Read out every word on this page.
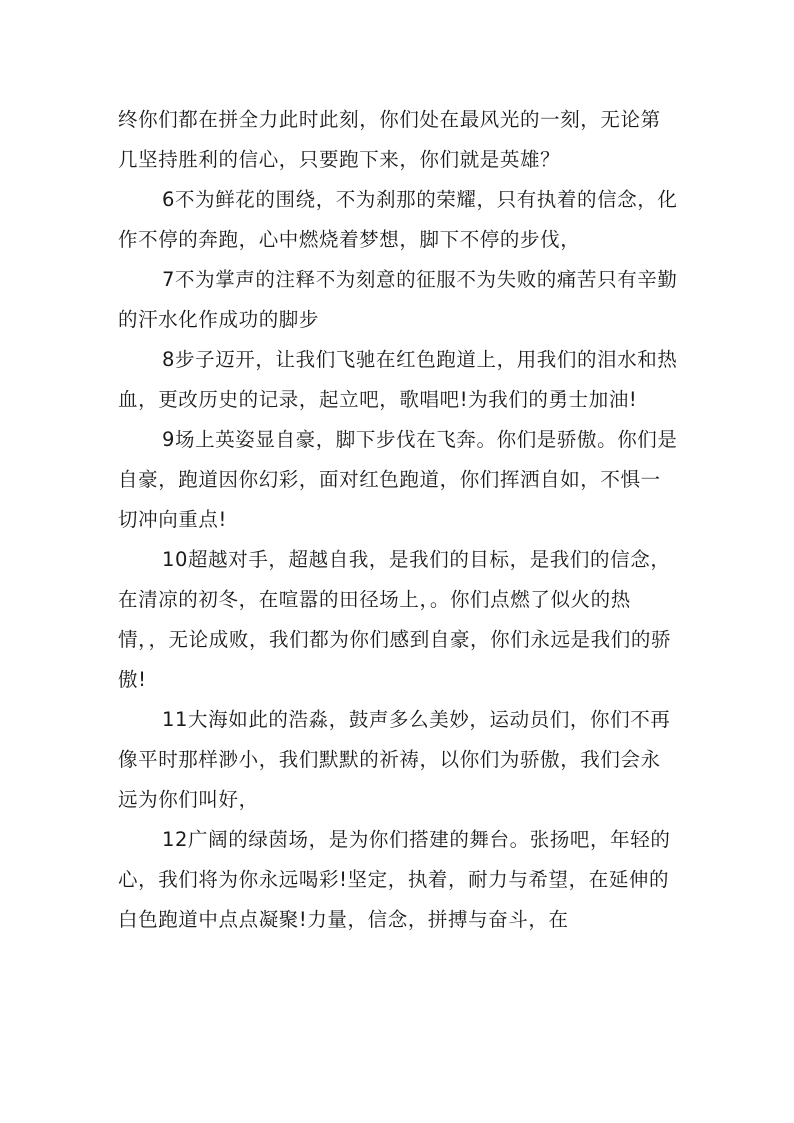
终你们都在拼全力此时此刻，你们处在最风光的一刻，无论第几坚持胜利的信心，只要跑下来，你们就是英雄？

6不为鲜花的围绕，不为刹那的荣耀，只有执着的信念，化作不停的奔跑，心中燃烧着梦想，脚下不停的步伐，

7不为掌声的注释不为刻意的征服不为失败的痛苦只有辛勤的汗水化作成功的脚步

8步子迈开，让我们飞驰在红色跑道上，用我们的泪水和热血，更改历史的记录，起立吧，歌唱吧!为我们的勇士加油!

9场上英姿显自豪，脚下步伐在飞奔。你们是骄傲。你们是自豪，跑道因你幻彩，面对红色跑道，你们挥洒自如，不惧一切冲向重点!

10超越对手，超越自我，是我们的目标，是我们的信念，在清凉的初冬，在喧嚣的田径场上，。你们点燃了似火的热情，，无论成败，我们都为你们感到自豪，你们永远是我们的骄傲!

11大海如此的浩淼，鼓声多么美妙，运动员们，你们不再像平时那样渺小，我们默默的祈祷，以你们为骄傲，我们会永远为你们叫好，

12广阔的绿茵场，是为你们搭建的舞台。张扬吧，年轻的心，我们将为你永远喝彩!坚定，执着，耐力与希望，在延伸的白色跑道中点点凝聚!力量，信念，拼搏与奋斗，在
